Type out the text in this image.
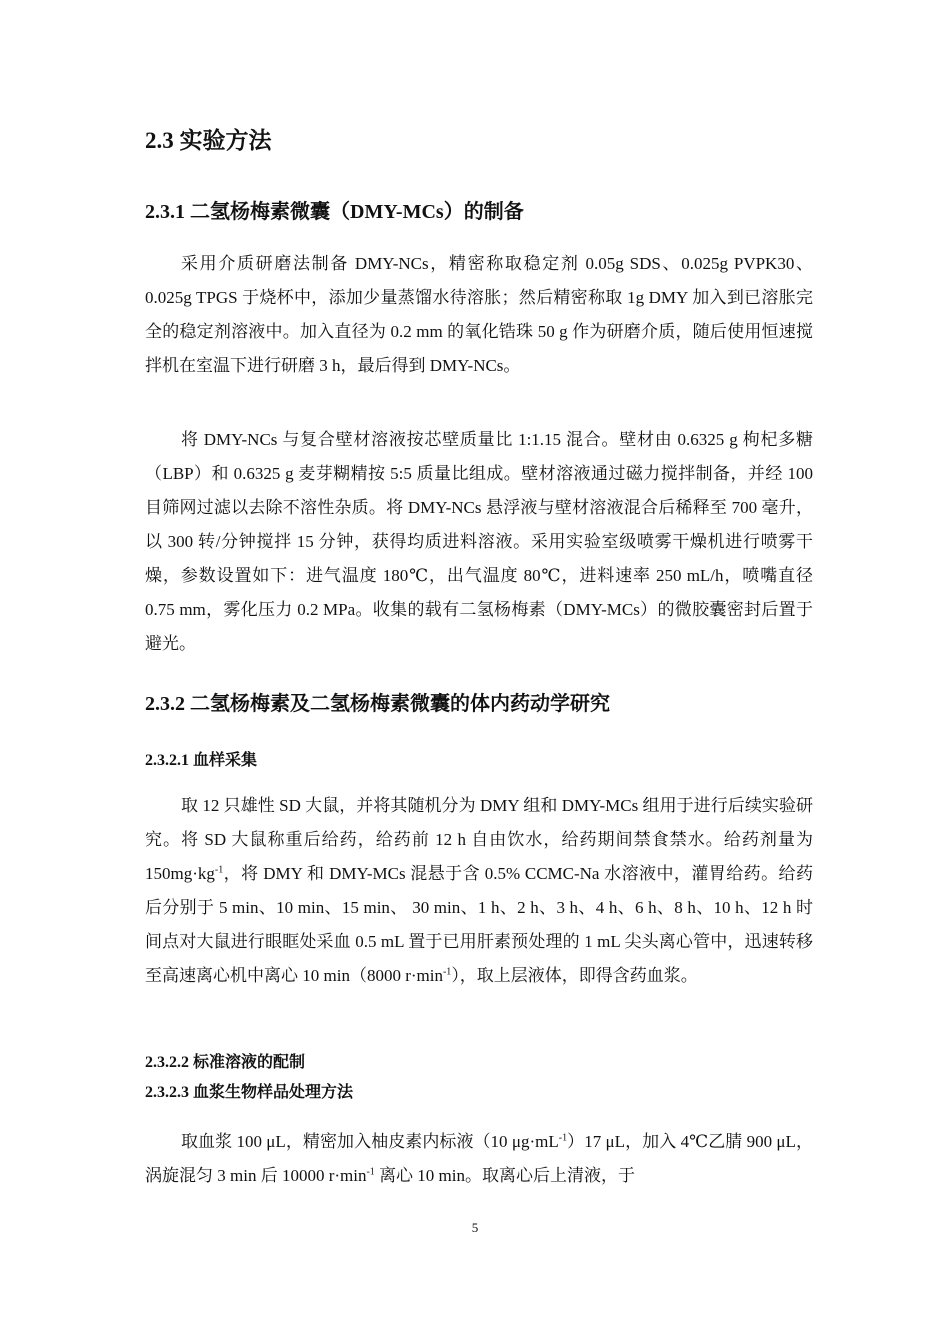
2.3 实验方法
2.3.1 二氢杨梅素微囊（DMY-MCs）的制备

采用介质研磨法制备 DMY-NCs，精密称取稳定剂 0.05g SDS、0.025g PVPK30、0.025g TPGS 于烧杯中，添加少量蒸馏水待溶胀；然后精密称取 1g DMY 加入到已溶胀完全的稳定剂溶液中。加入直径为 0.2 mm 的氧化锆珠 50 g 作为研磨介质，随后使用恒速搅拌机在室温下进行研磨 3 h，最后得到 DMY-NCs。

将 DMY-NCs 与复合壁材溶液按芯壁质量比 1:1.15 混合。壁材由 0.6325 g 枸杞多糖（LBP）和 0.6325 g 麦芽糊精按 5:5 质量比组成。壁材溶液通过磁力搅拌制备，并经 100 目筛网过滤以去除不溶性杂质。将 DMY-NCs 悬浮液与壁材溶液混合后稀释至 700 毫升，以 300 转/分钟搅拌 15 分钟，获得均质进料溶液。采用实验室级喷雾干燥机进行喷雾干燥，参数设置如下：进气温度 180℃，出气温度 80℃，进料速率 250 mL/h，喷嘴直径 0.75 mm，雾化压力 0.2 MPa。收集的载有二氢杨梅素（DMY-MCs）的微胶囊密封后置于避光。

2.3.2 二氢杨梅素及二氢杨梅素微囊的体内药动学研究
2.3.2.1 血样采集

取 12 只雄性 SD 大鼠，并将其随机分为 DMY 组和 DMY-MCs 组用于进行后续实验研究。将 SD 大鼠称重后给药，给药前 12 h 自由饮水，给药期间禁食禁水。给药剂量为 $150mg\cdot kg^{-1}$，将 DMY 和 DMY-MCs 混悬于含 0.5% CCMC-Na 水溶液中，灌胃给药。给药后分别于 5 min、10 min、15 min、 30 min、1 h、2 h、3 h、4 h、6 h、8 h、10 h、12 h 时间点对大鼠进行眼眶处采血 0.5 mL 置于已用肝素预处理的 1 mL 尖头离心管中，迅速转移至高速离心机中离心 10 min（8000 $r\cdot\min^{-1}$），取上层液体，即得含药血浆。

2.3.2.2 标准溶液的配制
2.3.2.3 血浆生物样品处理方法

取血浆 100 μL，精密加入柚皮素内标液（10 $\mu g\cdot mL^{-1})17$ μL，加入 4℃乙腈 900 μL，涡旋混匀 3 min 后 10000 $r\cdot\min^{-1}$ 离心 10 min。取离心后上清液，于

5
